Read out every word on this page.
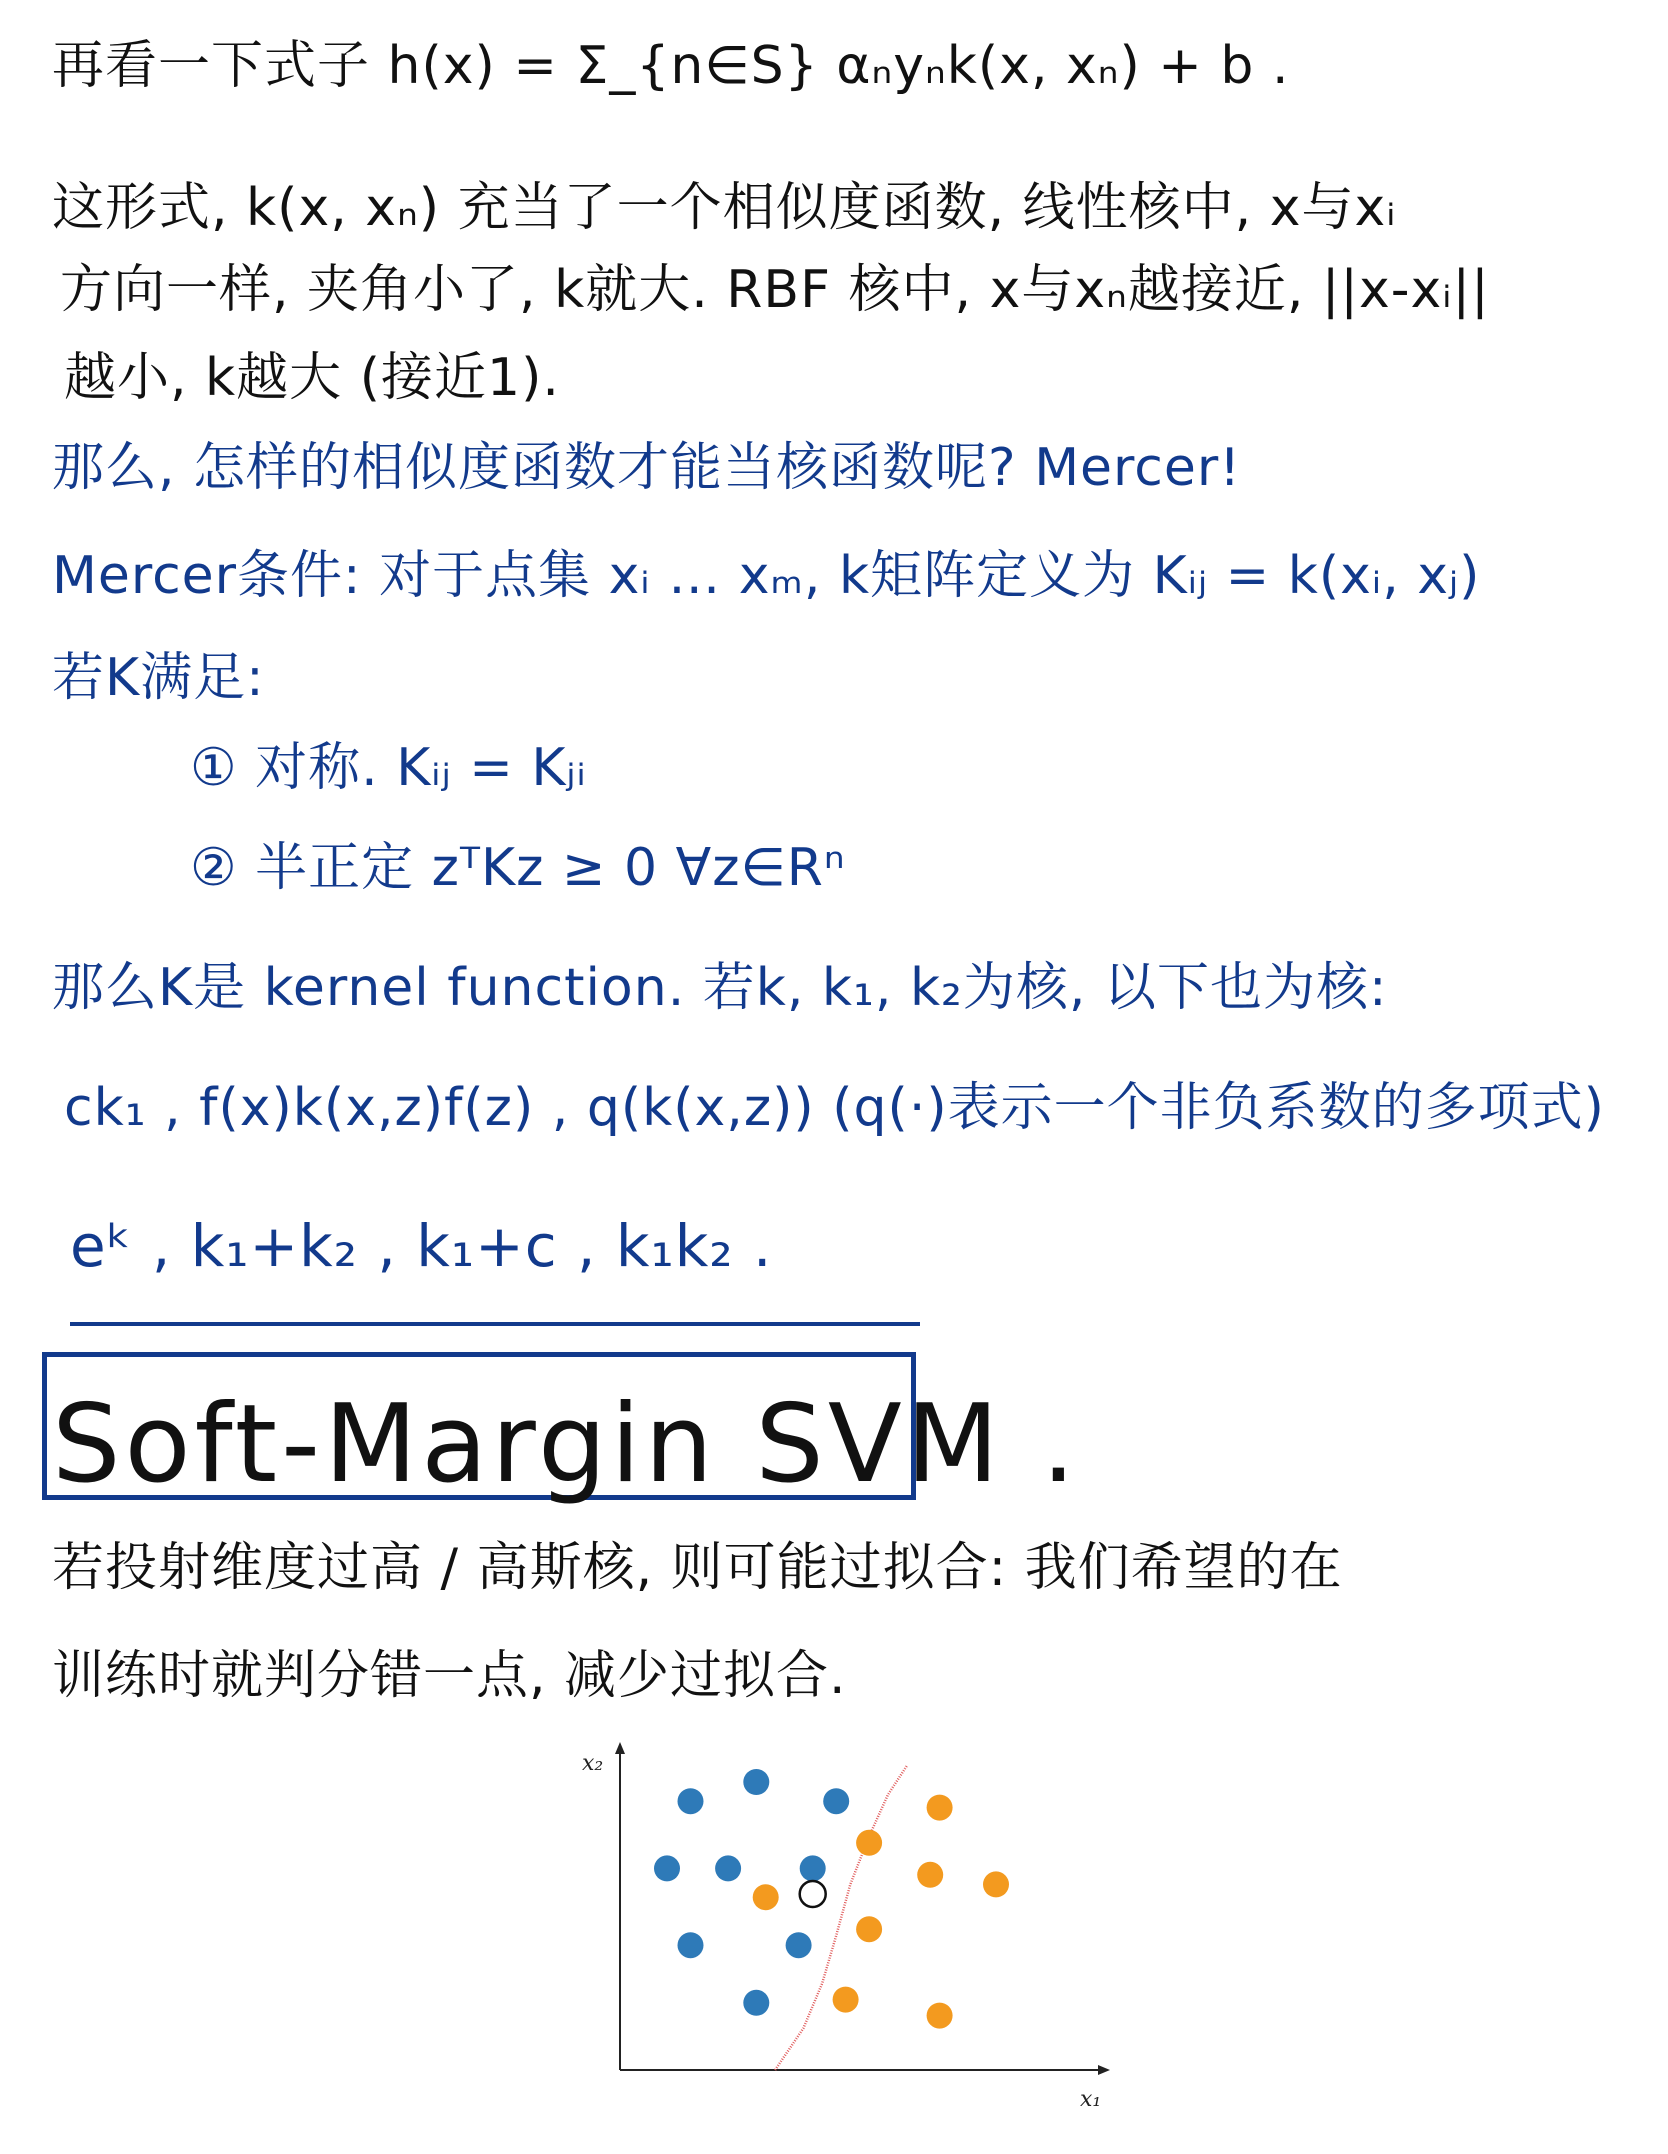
再看一下式子 h(x) = Σ_{n∈S} αₙyₙk(x, xₙ) + b .
这形式, k(x, xₙ) 充当了一个相似度函数, 线性核中, x与xᵢ
方向一样, 夹角小了, k就大. RBF 核中, x与xₙ越接近, ||x-xᵢ||
越小, k越大 (接近1).
那么, 怎样的相似度函数才能当核函数呢? Mercer!
Mercer条件: 对于点集 xᵢ … xₘ, k矩阵定义为 Kᵢⱼ = k(xᵢ, xⱼ)
若K满足:
① 对称. Kᵢⱼ = Kⱼᵢ
② 半正定 zᵀKz ≥ 0 ∀z∈Rⁿ
那么K是 kernel function. 若k, k₁, k₂为核, 以下也为核:
ck₁ , f(x)k(x,z)f(z) , q(k(x,z)) (q(·)表示一个非负系数的多项式)
eᵏ , k₁+k₂ , k₁+c , k₁k₂ .
Soft-Margin SVM .
若投射维度过高 / 高斯核, 则可能过拟合: 我们希望的在
训练时就判分错一点, 减少过拟合.
x₂
x₁
